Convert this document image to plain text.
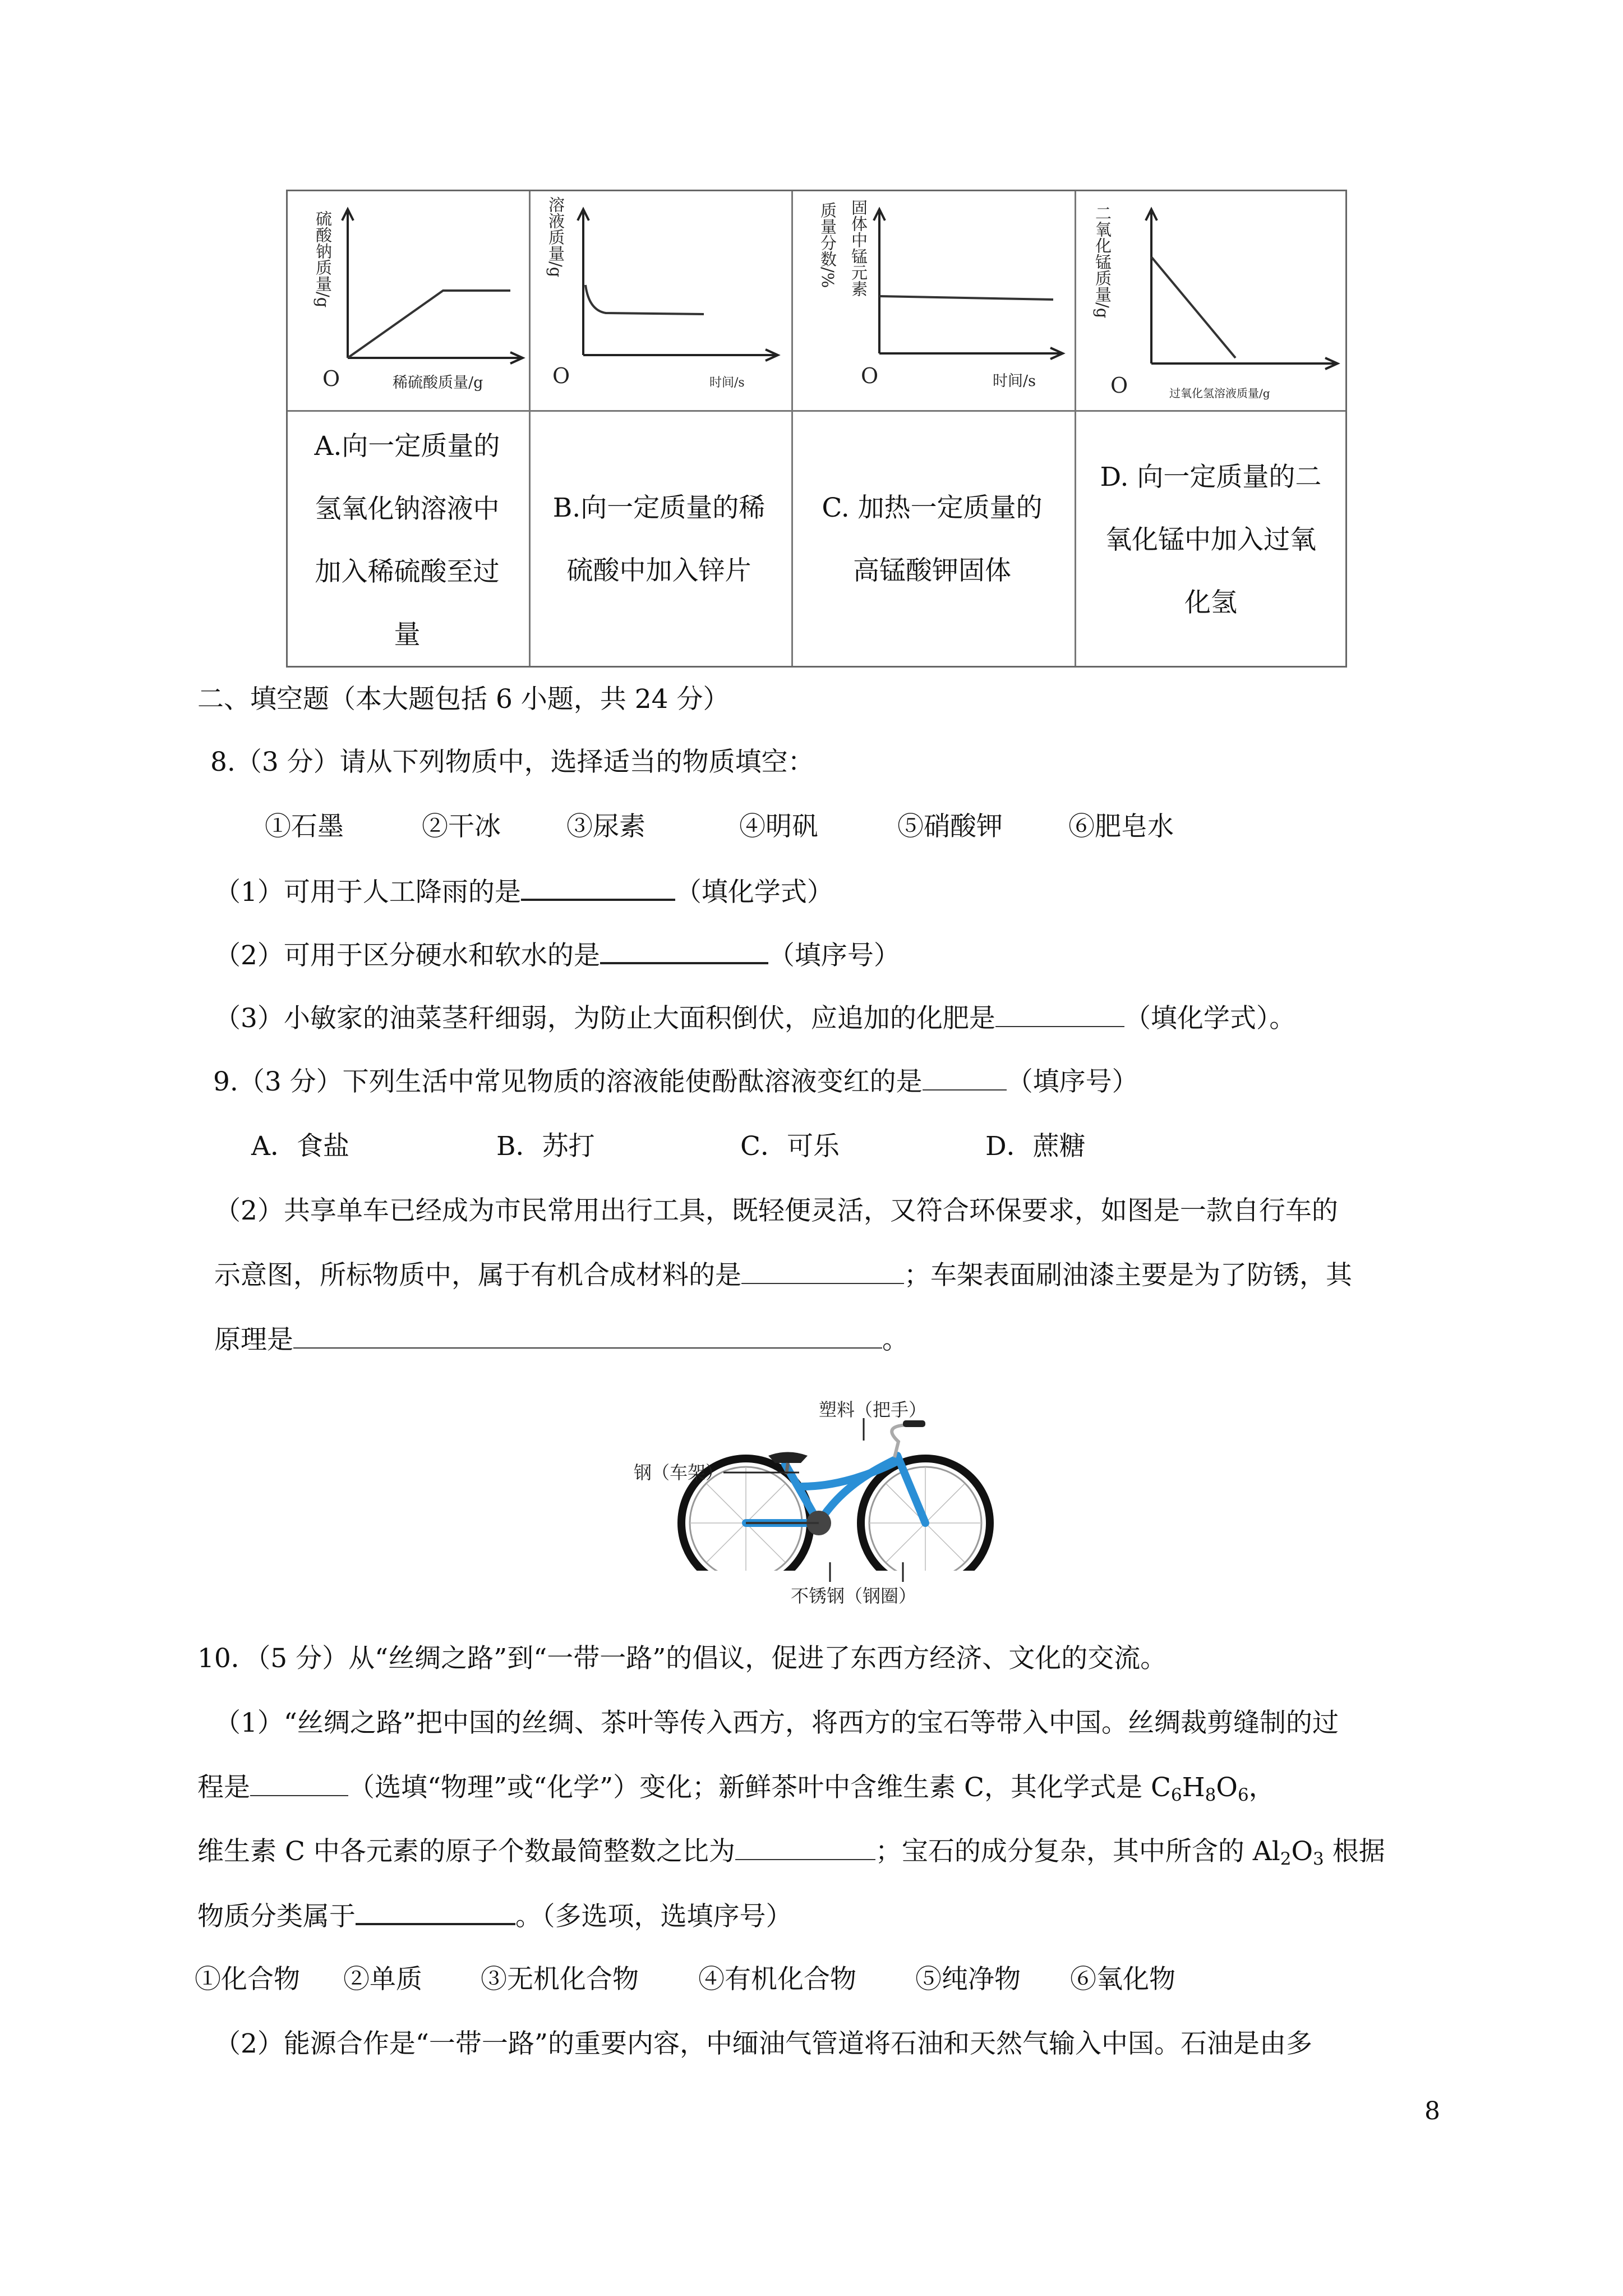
硫酸钠质量/g
O	稀硫酸质量/g
溶液质量/g
O	时间/s
质量分数/% 固体中锰元素
O	时间/s
二氧化锰质量/g
O	过氧化氢溶液质量/g
A.向一定质量的
氢氧化钠溶液中
加入稀硫酸至过
量
B.向一定质量的稀
硫酸中加入锌片
C. 加热一定质量的
高锰酸钾固体
D. 向一定质量的二
氧化锰中加入过氧
化氢
二、填空题（本大题包括 6 小题，共 24 分）
8.（3 分）请从下列物质中，选择适当的物质填空：
①石墨	②干冰 ③尿素	④明矾	⑤硝酸钾 ⑥肥皂水
（1）可用于人工降雨的是	（填化学式）
（2）可用于区分硬水和软水的是	（填序号）
（3）小敏家的油菜茎秆细弱，为防止大面积倒伏，应追加的化肥是	（填化学式）。
9.（3 分）下列生活中常见物质的溶液能使酚酞溶液变红的是	（填序号）
A．食盐	B．苏打	C．可乐	D．蔗糖
（2）共享单车已经成为市民常用出行工具，既轻便灵活，又符合环保要求，如图是一款自行车的
示意图，所标物质中，属于有机合成材料的是	；车架表面刷油漆主要是为了防锈，其
原理是	。
塑料（把手）
钢（车架）
不锈钢（钢圈）
10．（5 分）从“丝绸之路”到“一带一路”的倡议，促进了东西方经济、文化的交流。
（1）“丝绸之路”把中国的丝绸、茶叶等传入西方，将西方的宝石等带入中国。丝绸裁剪缝制的过
程是	（选填“物理”或“化学”）变化；新鲜茶叶中含维生素 C，其化学式是 $C_6H_8O_6$，
维生素 C 中各元素的原子个数最简整数之比为	；宝石的成分复杂，其中所含的 $Al_2O_3$ 根据
物质分类属于	。（多选项，选填序号）
①化合物 ②单质 ③无机化合物 ④有机化合物 ⑤纯净物 ⑥氧化物
（2）能源合作是“一带一路”的重要内容，中缅油气管道将石油和天然气输入中国。石油是由多
8
